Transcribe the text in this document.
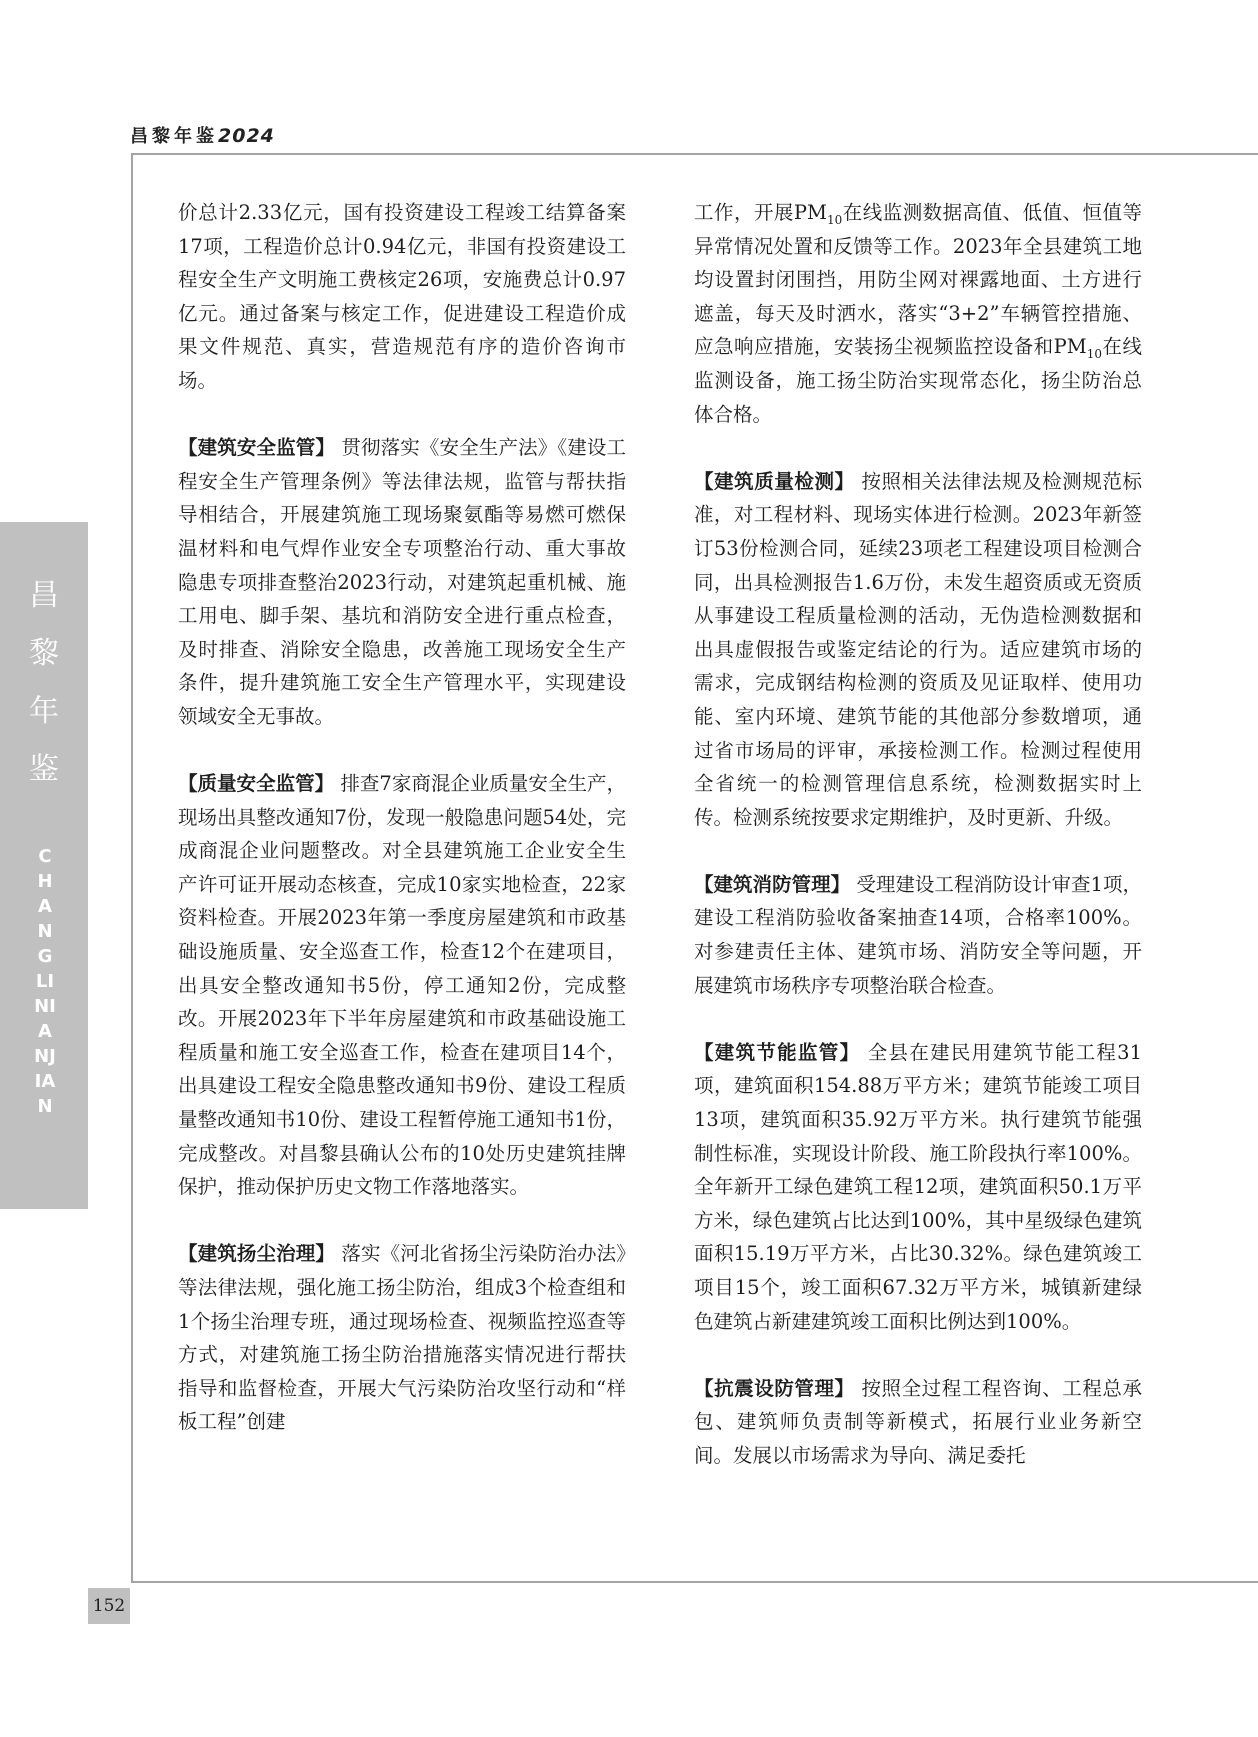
昌黎年鉴2024
昌黎年鉴
CHANGLINIANJIAN
152

价总计2.33亿元，国有投资建设工程竣工结算备案17项，工程造价总计0.94亿元，非国有投资建设工程安全生产文明施工费核定26项，安施费总计0.97亿元。通过备案与核定工作，促进建设工程造价成果文件规范、真实，营造规范有序的造价咨询市场。

【建筑安全监管】 贯彻落实《安全生产法》《建设工程安全生产管理条例》等法律法规，监管与帮扶指导相结合，开展建筑施工现场聚氨酯等易燃可燃保温材料和电气焊作业安全专项整治行动、重大事故隐患专项排查整治2023行动，对建筑起重机械、施工用电、脚手架、基坑和消防安全进行重点检查，及时排查、消除安全隐患，改善施工现场安全生产条件，提升建筑施工安全生产管理水平，实现建设领域安全无事故。

【质量安全监管】 排查7家商混企业质量安全生产，现场出具整改通知7份，发现一般隐患问题54处，完成商混企业问题整改。对全县建筑施工企业安全生产许可证开展动态核查，完成10家实地检查，22家资料检查。开展2023年第一季度房屋建筑和市政基础设施质量、安全巡查工作，检查12个在建项目，出具安全整改通知书5份，停工通知2份，完成整改。开展2023年下半年房屋建筑和市政基础设施工程质量和施工安全巡查工作，检查在建项目14个，出具建设工程安全隐患整改通知书9份、建设工程质量整改通知书10份、建设工程暂停施工通知书1份，完成整改。对昌黎县确认公布的10处历史建筑挂牌保护，推动保护历史文物工作落地落实。

【建筑扬尘治理】 落实《河北省扬尘污染防治办法》等法律法规，强化施工扬尘防治，组成3个检查组和1个扬尘治理专班，通过现场检查、视频监控巡查等方式，对建筑施工扬尘防治措施落实情况进行帮扶指导和监督检查，开展大气污染防治攻坚行动和“样板工程”创建

工作，开展$PM_{10}$在线监测数据高值、低值、恒值等异常情况处置和反馈等工作。2023年全县建筑工地均设置封闭围挡，用防尘网对裸露地面、土方进行遮盖，每天及时洒水，落实“3+2”车辆管控措施、应急响应措施，安装扬尘视频监控设备和$PM_{10}$在线监测设备，施工扬尘防治实现常态化，扬尘防治总体合格。

【建筑质量检测】 按照相关法律法规及检测规范标准，对工程材料、现场实体进行检测。2023年新签订53份检测合同，延续23项老工程建设项目检测合同，出具检测报告1.6万份，未发生超资质或无资质从事建设工程质量检测的活动，无伪造检测数据和出具虚假报告或鉴定结论的行为。适应建筑市场的需求，完成钢结构检测的资质及见证取样、使用功能、室内环境、建筑节能的其他部分参数增项，通过省市场局的评审，承接检测工作。检测过程使用全省统一的检测管理信息系统，检测数据实时上传。检测系统按要求定期维护，及时更新、升级。

【建筑消防管理】 受理建设工程消防设计审查1项，建设工程消防验收备案抽查14项，合格率100%。对参建责任主体、建筑市场、消防安全等问题，开展建筑市场秩序专项整治联合检查。

【建筑节能监管】 全县在建民用建筑节能工程31项，建筑面积154.88万平方米；建筑节能竣工项目13项，建筑面积35.92万平方米。执行建筑节能强制性标准，实现设计阶段、施工阶段执行率100%。全年新开工绿色建筑工程12项，建筑面积50.1万平方米，绿色建筑占比达到100%，其中星级绿色建筑面积15.19万平方米，占比30.32%。绿色建筑竣工项目15个，竣工面积67.32万平方米，城镇新建绿色建筑占新建建筑竣工面积比例达到100%。

【抗震设防管理】 按照全过程工程咨询、工程总承包、建筑师负责制等新模式，拓展行业业务新空间。发展以市场需求为导向、满足委托
